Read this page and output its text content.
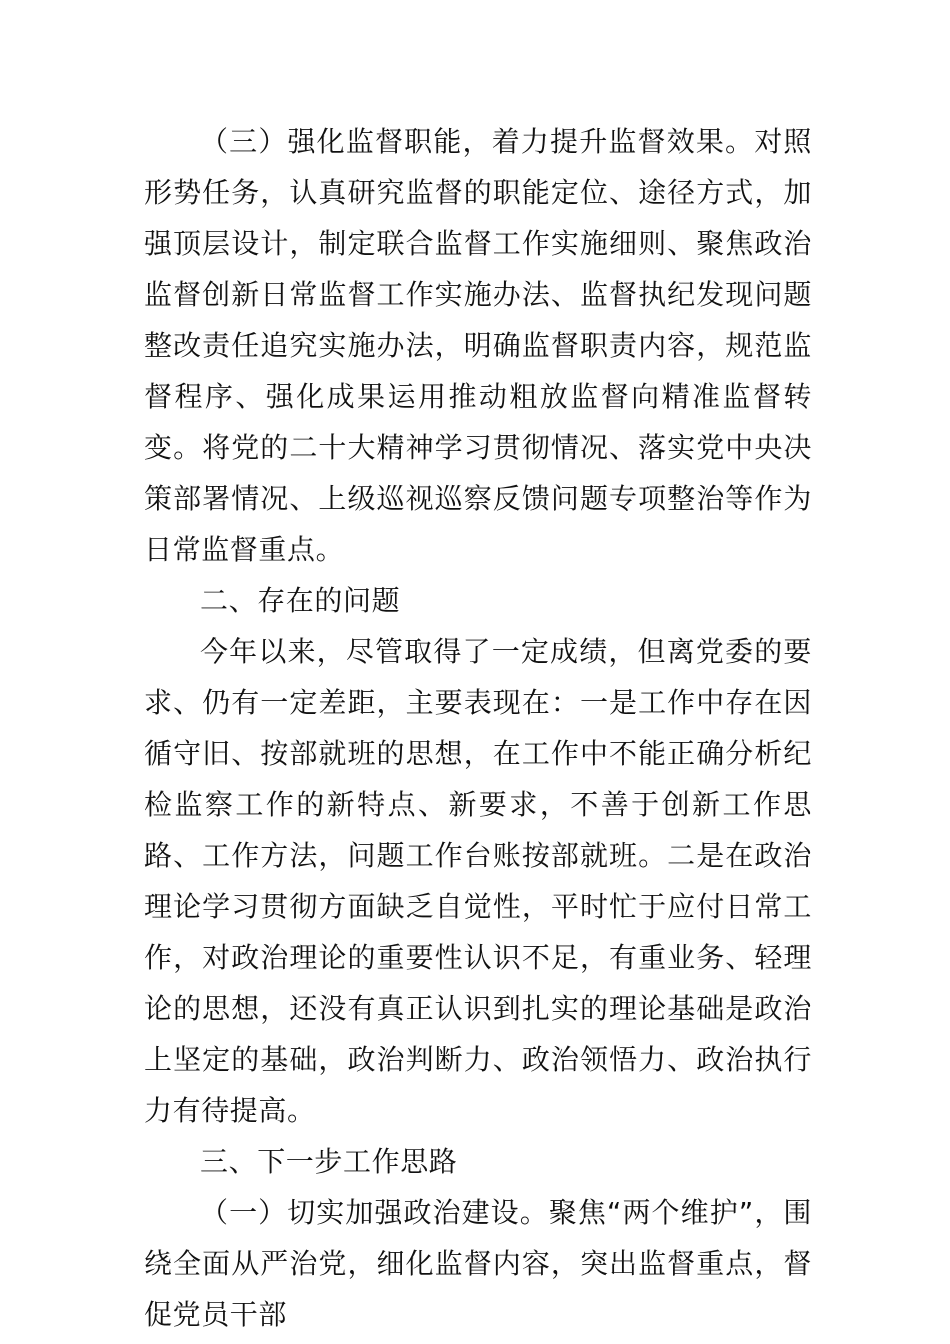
（三）强化监督职能，着力提升监督效果。对照形势任务，认真研究监督的职能定位、途径方式，加强顶层设计，制定联合监督工作实施细则、聚焦政治监督创新日常监督工作实施办法、监督执纪发现问题整改责任追究实施办法，明确监督职责内容，规范监督程序、强化成果运用推动粗放监督向精准监督转变。将党的二十大精神学习贯彻情况、落实党中央决策部署情况、上级巡视巡察反馈问题专项整治等作为日常监督重点。

二、存在的问题

今年以来，尽管取得了一定成绩，但离党委的要求、仍有一定差距，主要表现在：一是工作中存在因循守旧、按部就班的思想，在工作中不能正确分析纪检监察工作的新特点、新要求，不善于创新工作思路、工作方法，问题工作台账按部就班。二是在政治理论学习贯彻方面缺乏自觉性，平时忙于应付日常工作，对政治理论的重要性认识不足，有重业务、轻理论的思想，还没有真正认识到扎实的理论基础是政治上坚定的基础，政治判断力、政治领悟力、政治执行力有待提高。

三、下一步工作思路

（一）切实加强政治建设。聚焦“两个维护”，围绕全面从严治党，细化监督内容，突出监督重点，督促党员干部
